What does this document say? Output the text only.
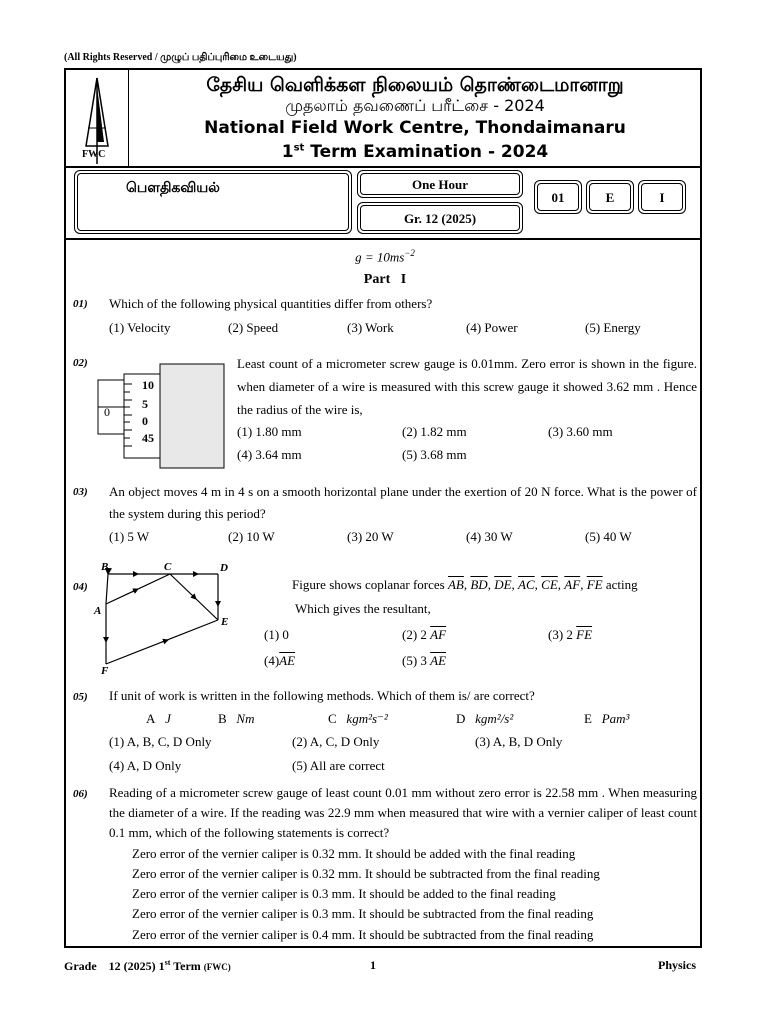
(All Rights Reserved / முழுப் பதிப்புரிமை உடையது)
FWC
தேசிய வெளிக்கள நிலையம் தொண்டைமானாறு
முதலாம் தவணைப் பரீட்சை - 2024
National Field Work Centre, Thondaimanaru
1st Term Examination - 2024
பௌதிகவியல்	One Hour
Gr. 12 (2025)
01	E	I
$g = 10ms^{-2}$
Part   I
01) Which of the following physical quantities differ from others?
(1) Velocity	(2) Speed	(3) Work	(4) Power	(5) Energy
02)
0
10
5
0
45
Least count of a micrometer screw gauge is 0.01mm. Zero error is shown in the figure. when diameter of a wire is measured with this screw gauge it showed 3.62 mm . Hence the radius of the wire is,
(1) 1.80 mm	(2) 1.82 mm	(3) 3.60 mm
(4) 3.64 mm	(5) 3.68 mm
03) An object moves 4 m in 4 s on a smooth horizontal plane under the exertion of 20 N force. What is the power of the system during this period?
(1) 5 W	(2) 10 W	(3) 20 W	(4) 30 W	(5) 40 W
04)
B	C	D
A
E
F
Figure shows coplanar forces $\overline{AB}$, $\overline{BD}$, $\overline{DE}$, $\overline{AC}$, $\overline{CE}$, $\overline{AF}$, $\overline{FE}$ acting
Which gives the resultant,
(1) 0	(2) 2 $\overline{AF}$	(3) 2 $\overline{FE}$
$(4)\overline{AE}$	(5) 3 $\overline{AE}$
05) If unit of work is written in the following methods. Which of them is/ are correct?
A J	B Nm	C kgm²s⁻²	D kgm²/s²	E Pam³
(1) A, B, C, D Only	(2) A, C, D Only	(3) A, B, D Only
(4) A, D Only	(5) All are correct
06) Reading of a micrometer screw gauge of least count 0.01 mm without zero error is 22.58 mm . When measuring the diameter of a wire. If the reading was 22.9 mm when measured that wire with a vernier caliper of least count 0.1 mm, which of the following statements is correct?
Zero error of the vernier caliper is 0.32 mm. It should be added with the final reading
Zero error of the vernier caliper is 0.32 mm. It should be subtracted from the final reading
Zero error of the vernier caliper is 0.3 mm. It should be added to the final reading
Zero error of the vernier caliper is 0.3 mm. It should be subtracted from the final reading
Zero error of the vernier caliper is 0.4 mm. It should be subtracted from the final reading
Grade    12 (2025) 1st Term (FWC)	1	Physics
